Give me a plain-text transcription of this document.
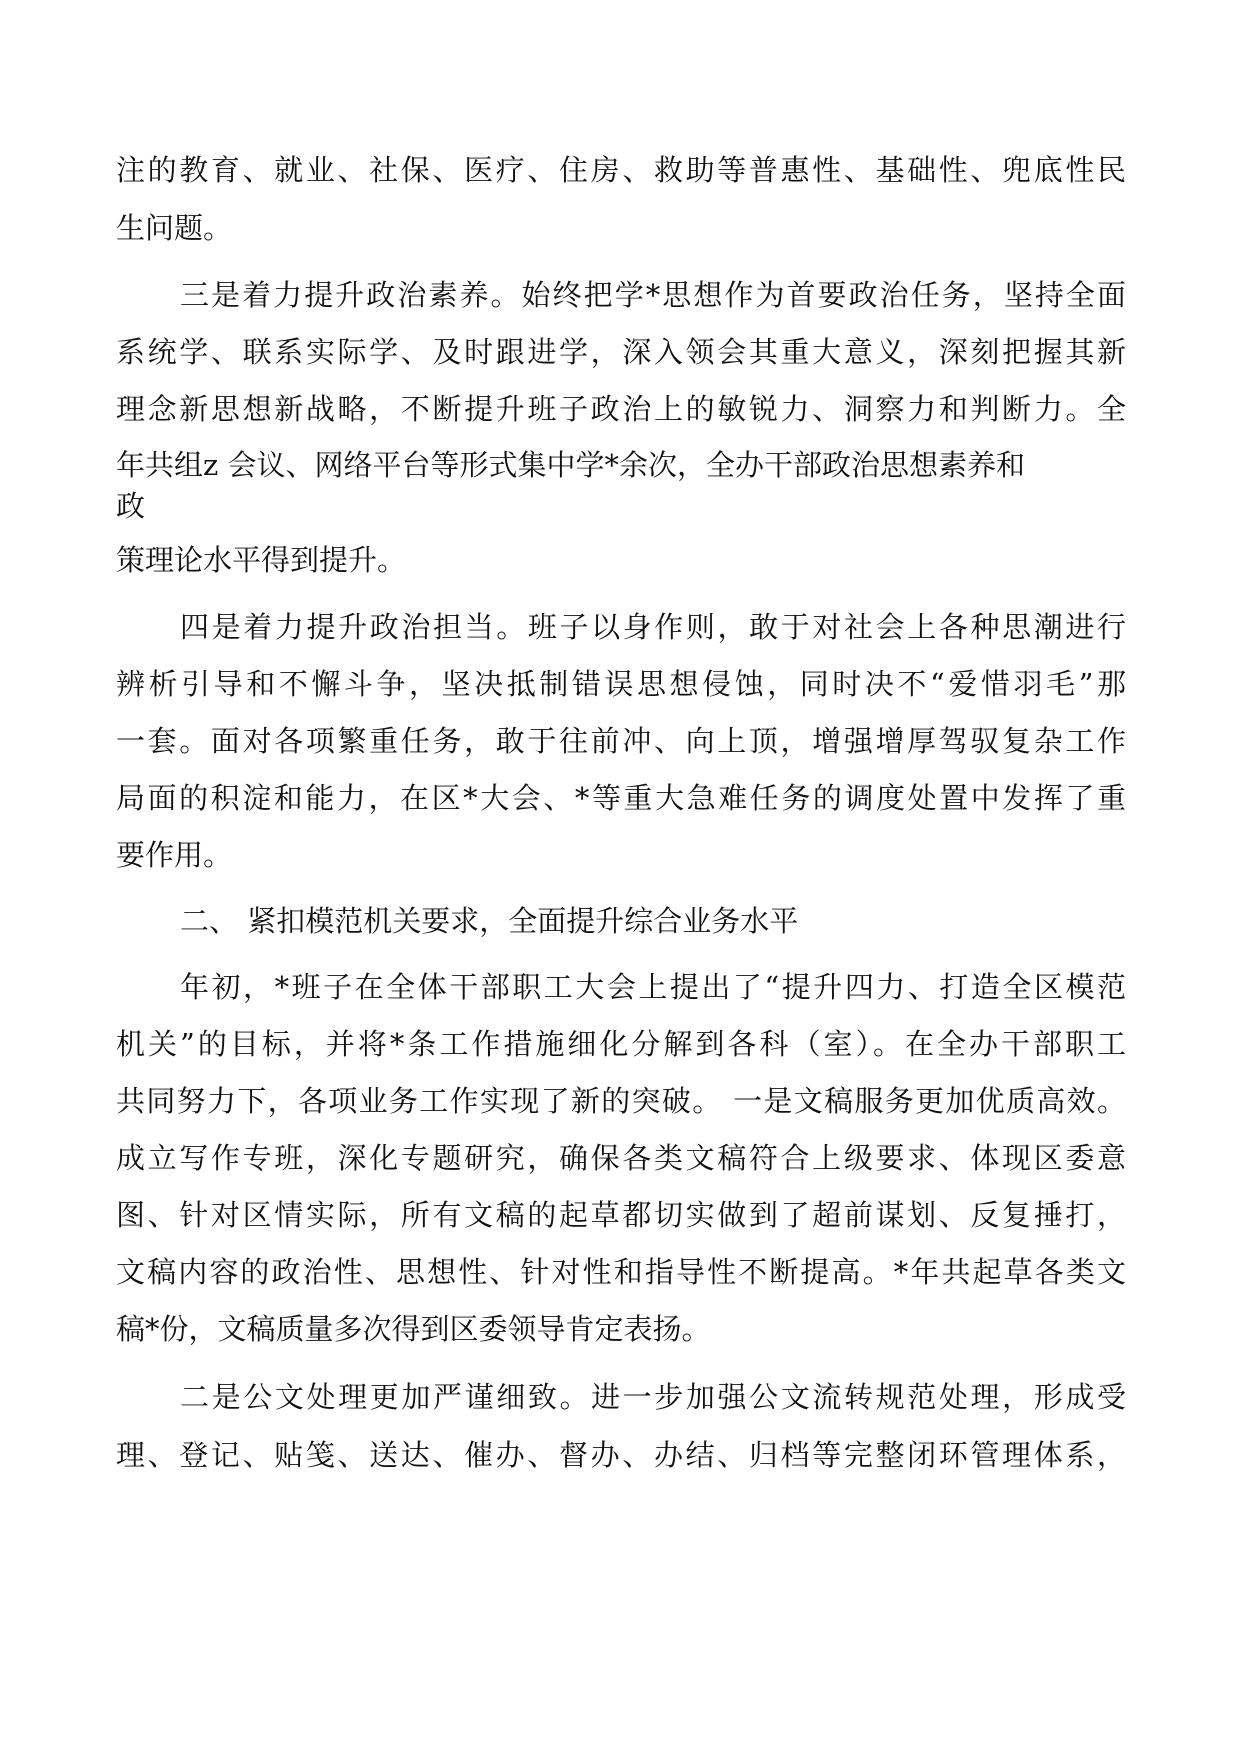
注的教育、就业、社保、医疗、住房、救助等普惠性、基础性、兜底性民
生问题。
三是着力提升政治素养。始终把学*思想作为首要政治任务，坚持全面
系统学、联系实际学、及时跟进学，深入领会其重大意义，深刻把握其新
理念新思想新战略，不断提升班子政治上的敏锐力、洞察力和判断力。全
年共组z 会议、网络平台等形式集中学*余次，全办干部政治思想素养和
政
策理论水平得到提升。
四是着力提升政治担当。班子以身作则，敢于对社会上各种思潮进行
辨析引导和不懈斗争，坚决抵制错误思想侵蚀，同时决不“爱惜羽毛”那
一套。面对各项繁重任务，敢于往前冲、向上顶，增强增厚驾驭复杂工作
局面的积淀和能力，在区*大会、*等重大急难任务的调度处置中发挥了重
要作用。
二、 紧扣模范机关要求，全面提升综合业务水平
年初，*班子在全体干部职工大会上提出了“提升四力、打造全区模范
机关”的目标，并将*条工作措施细化分解到各科（室）。在全办干部职工
共同努力下，各项业务工作实现了新的突破。 一是文稿服务更加优质高效。
成立写作专班，深化专题研究，确保各类文稿符合上级要求、体现区委意
图、针对区情实际，所有文稿的起草都切实做到了超前谋划、反复捶打，
文稿内容的政治性、思想性、针对性和指导性不断提高。*年共起草各类文
稿*份，文稿质量多次得到区委领导肯定表扬。
二是公文处理更加严谨细致。进一步加强公文流转规范处理，形成受
理、登记、贴笺、送达、催办、督办、办结、归档等完整闭环管理体系，
